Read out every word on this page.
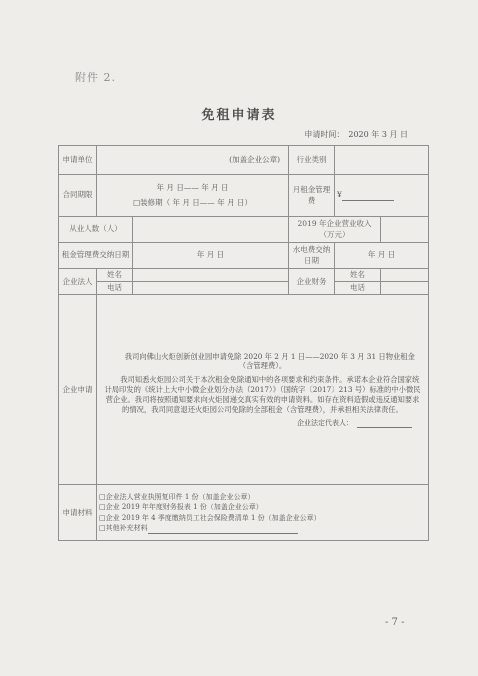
附件 2.
免租申请表
申请时间： 2020 年 3 月 日
申请单位	(加盖企业公章)		行业类别		
合同期限	年 月 日—— 年 月 日
□装修期（ 年 月 日—— 年 月 日）		月租金管理费	¥	
从业人数（人）			2019 年企业营业收入（万元）		
租金管理费交纳日期		年 月 日	水电费交纳日期	年 月 日	
企业法人	姓名		企业财务	姓名	
	电话			电话	
企业申请	我司向佛山火炬创新创业园申请免除 2020 年 2 月 1 日——2020 年 3 月 31 日物业租金（含管理费）。

我司知悉火炬园公司关于本次租金免除通知中的各项要求和约束条件。承诺本企业符合国家统计局印发的《统计上大中小微企业划分办法（2017）》（国统字〔2017〕213 号）标准的中小微民营企业。我司将按照通知要求向火炬园递交真实有效的申请资料。如存在资料造假或违反通知要求的情况，我司同意退还火炬园公司免除的全部租金（含管理费），并承担相关法律责任。

企业法定代表人：				

申请材料	□企业法人营业执照复印件 1 份（加盖企业公章）
□企业 2019 年年度财务报表 1 份（加盖企业公章）
□企业 2019 年 4 季度缴纳员工社会保险费清单 1 份（加盖企业公章）
□其他补充材料				
- 7 -
